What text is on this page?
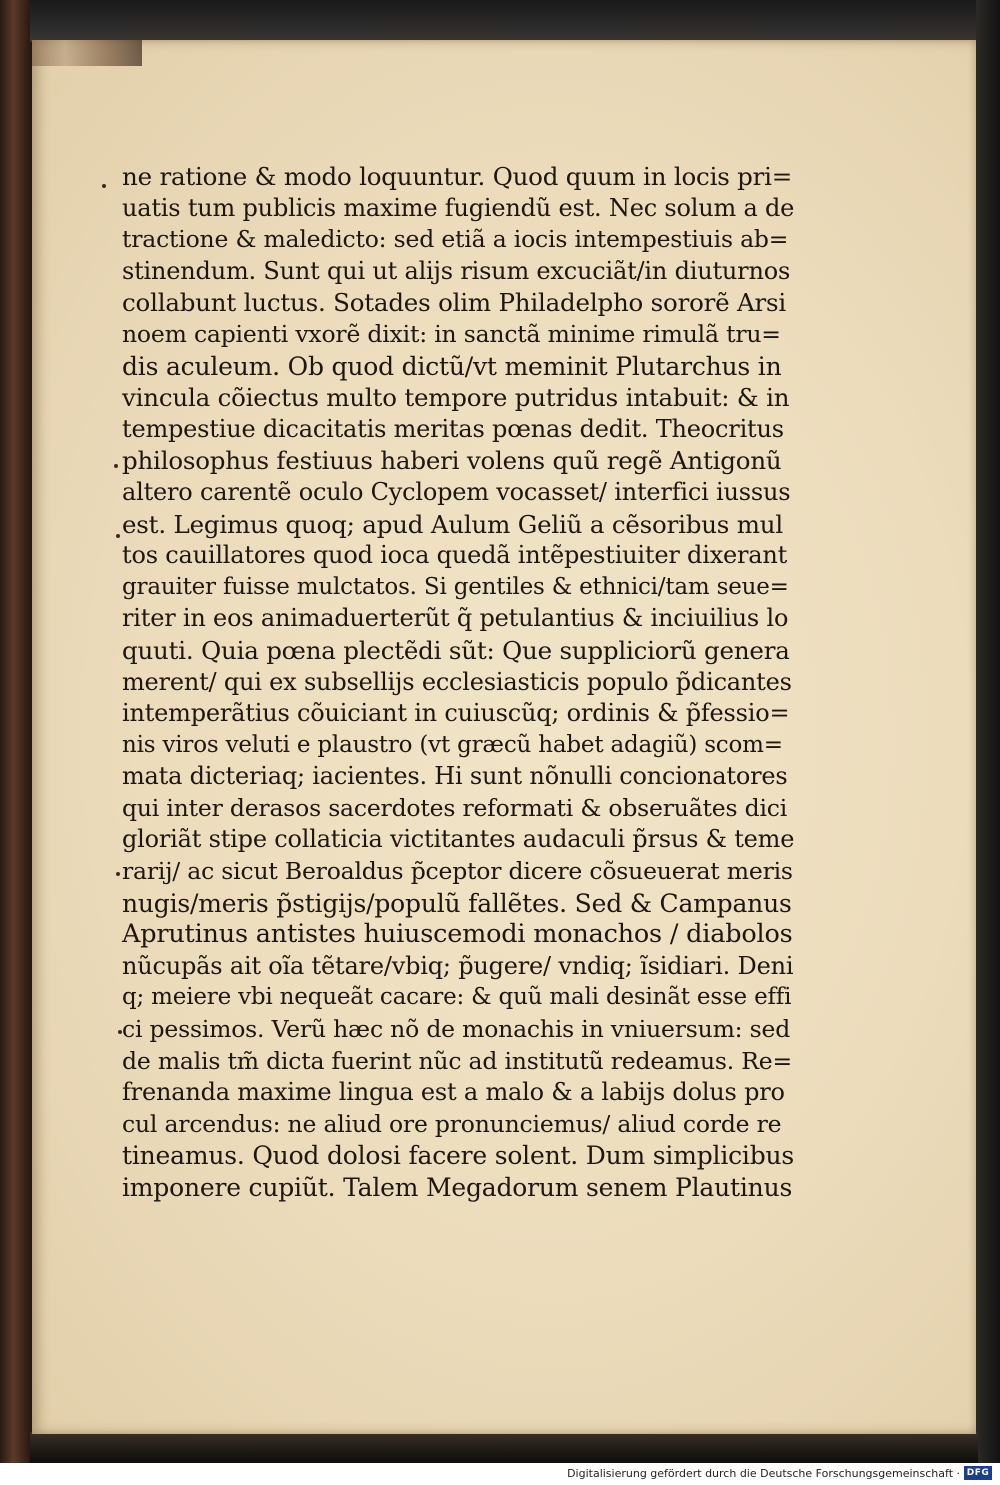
ne ratione & modo loquuntur. Quod quum in locis pri=
uatis tum publicis maxime fugiendũ est. Nec solum a de
tractione & maledicto: sed etiã a iocis intempestiuis ab=
stinendum. Sunt qui ut alijs risum excuciãt/in diuturnos
collabunt luctus. Sotades olim Philadelpho sororẽ Arsi
noem capienti vxorẽ dixit: in sanctã minime rimulã tru=
dis aculeum. Ob quod dictũ/vt meminit Plutarchus in
vincula cõiectus multo tempore putridus intabuit: & in
tempestiue dicacitatis meritas pœnas dedit. Theocritus
philosophus festiuus haberi volens quũ regẽ Antigonũ
altero carentẽ oculo Cyclopem vocasset/ interfici iussus
est. Legimus quoq; apud Aulum Geliũ a cẽsoribus mul
tos cauillatores quod ioca quedã intẽpestiuiter dixerant
grauiter fuisse mulctatos. Si gentiles & ethnici/tam seue=
riter in eos animaduerterũt q̃ petulantius & inciuilius lo
quuti. Quia pœna plectẽdi sũt: Que suppliciorũ genera
merent/ qui ex subsellijs ecclesiasticis populo p̃dicantes
intemperãtius cõuiciant in cuiuscũq; ordinis & p̃fessio=
nis viros veluti e plaustro (vt græcũ habet adagiũ) scom=
mata dicteriaq; iacientes. Hi sunt nõnulli concionatores
qui inter derasos sacerdotes reformati & obseruãtes dici
gloriãt stipe collaticia victitantes audaculi p̃rsus & teme
rarij/ ac sicut Beroaldus p̃ceptor dicere cõsueuerat meris
nugis/meris p̃stigijs/populũ fallẽtes. Sed & Campanus
Aprutinus antistes huiuscemodi monachos / diabolos
nũcupãs ait oĩa tẽtare/vbiq; p̃ugere/ vndiq; ĩsidiari. Deni
q; meiere vbi nequeãt cacare: & quũ mali desinãt esse effi
ci pessimos. Verũ hæc nõ de monachis in vniuersum: sed
de malis tm̃ dicta fuerint nũc ad institutũ redeamus. Re=
frenanda maxime lingua est a malo & a labijs dolus pro
cul arcendus: ne aliud ore pronunciemus/ aliud corde re
tineamus. Quod dolosi facere solent. Dum simplicibus
imponere cupiũt. Talem Megadorum senem Plautinus
Digitalisierung gefördert durch die Deutsche Forschungsgemeinschaft · DFG
